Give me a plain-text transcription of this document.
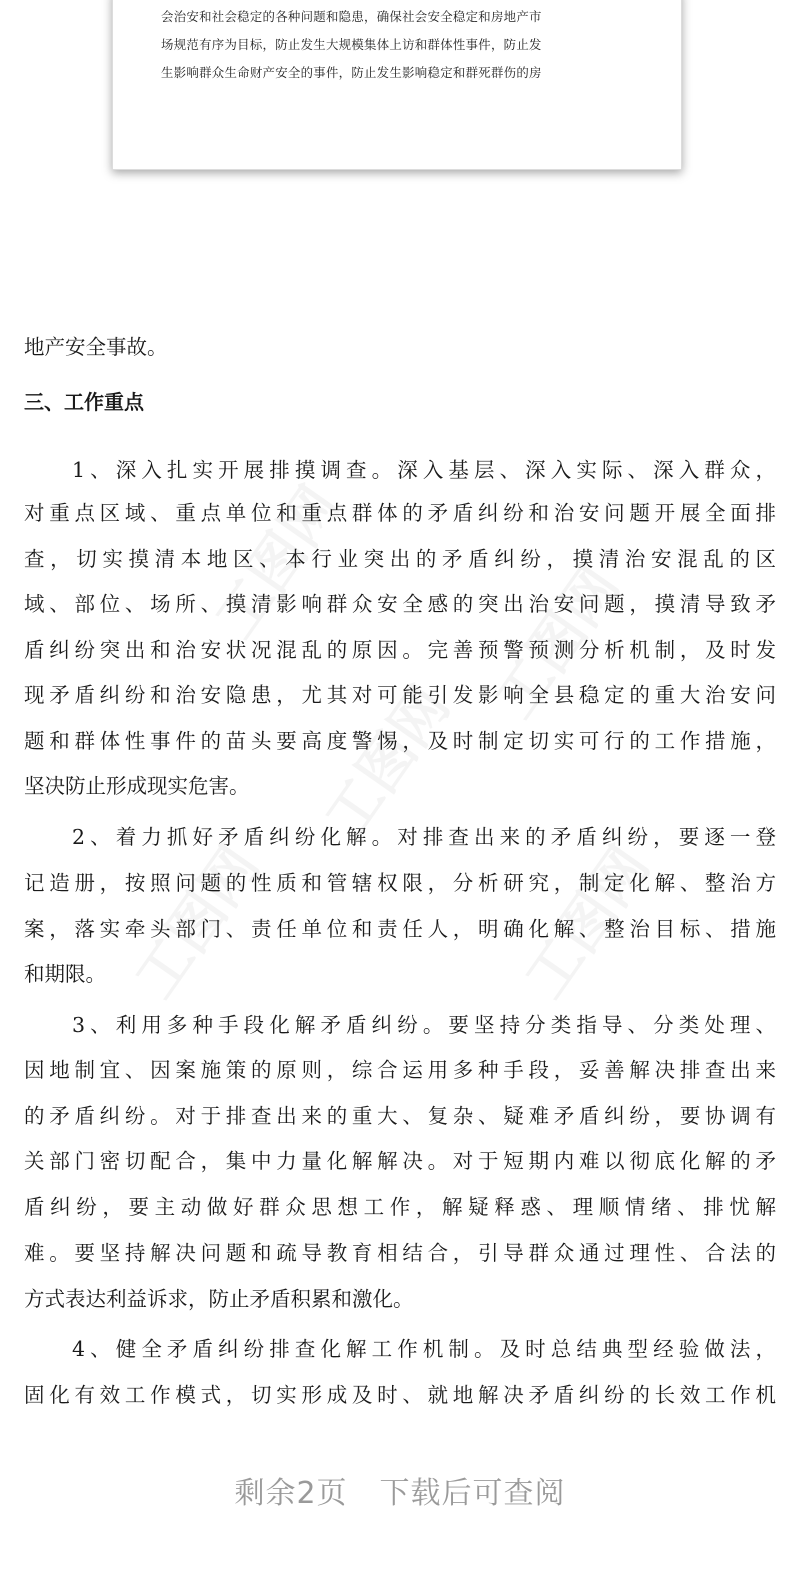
会治安和社会稳定的各种问题和隐患，确保社会安全稳定和房地产市
场规范有序为目标，防止发生大规模集体上访和群体性事件，防止发
生影响群众生命财产安全的事件，防止发生影响稳定和群死群伤的房
地产安全事故。
三、工作重点
1、深入扎实开展排摸调查。深入基层、深入实际、深入群众，
对重点区域、重点单位和重点群体的矛盾纠纷和治安问题开展全面排
查，切实摸清本地区、本行业突出的矛盾纠纷，摸清治安混乱的区
域、部位、场所、摸清影响群众安全感的突出治安问题，摸清导致矛
盾纠纷突出和治安状况混乱的原因。完善预警预测分析机制，及时发
现矛盾纠纷和治安隐患，尤其对可能引发影响全县稳定的重大治安问
题和群体性事件的苗头要高度警惕，及时制定切实可行的工作措施，
坚决防止形成现实危害。
2、着力抓好矛盾纠纷化解。对排查出来的矛盾纠纷，要逐一登
记造册，按照问题的性质和管辖权限，分析研究，制定化解、整治方
案，落实牵头部门、责任单位和责任人，明确化解、整治目标、措施
和期限。
3、利用多种手段化解矛盾纠纷。要坚持分类指导、分类处理、
因地制宜、因案施策的原则，综合运用多种手段，妥善解决排查出来
的矛盾纠纷。对于排查出来的重大、复杂、疑难矛盾纠纷，要协调有
关部门密切配合，集中力量化解解决。对于短期内难以彻底化解的矛
盾纠纷，要主动做好群众思想工作，解疑释惑、理顺情绪、排忧解
难。要坚持解决问题和疏导教育相结合，引导群众通过理性、合法的
方式表达利益诉求，防止矛盾积累和激化。
4、健全矛盾纠纷排查化解工作机制。及时总结典型经验做法，
固化有效工作模式，切实形成及时、就地解决矛盾纠纷的长效工作机
剩余2页 下载后可查阅
